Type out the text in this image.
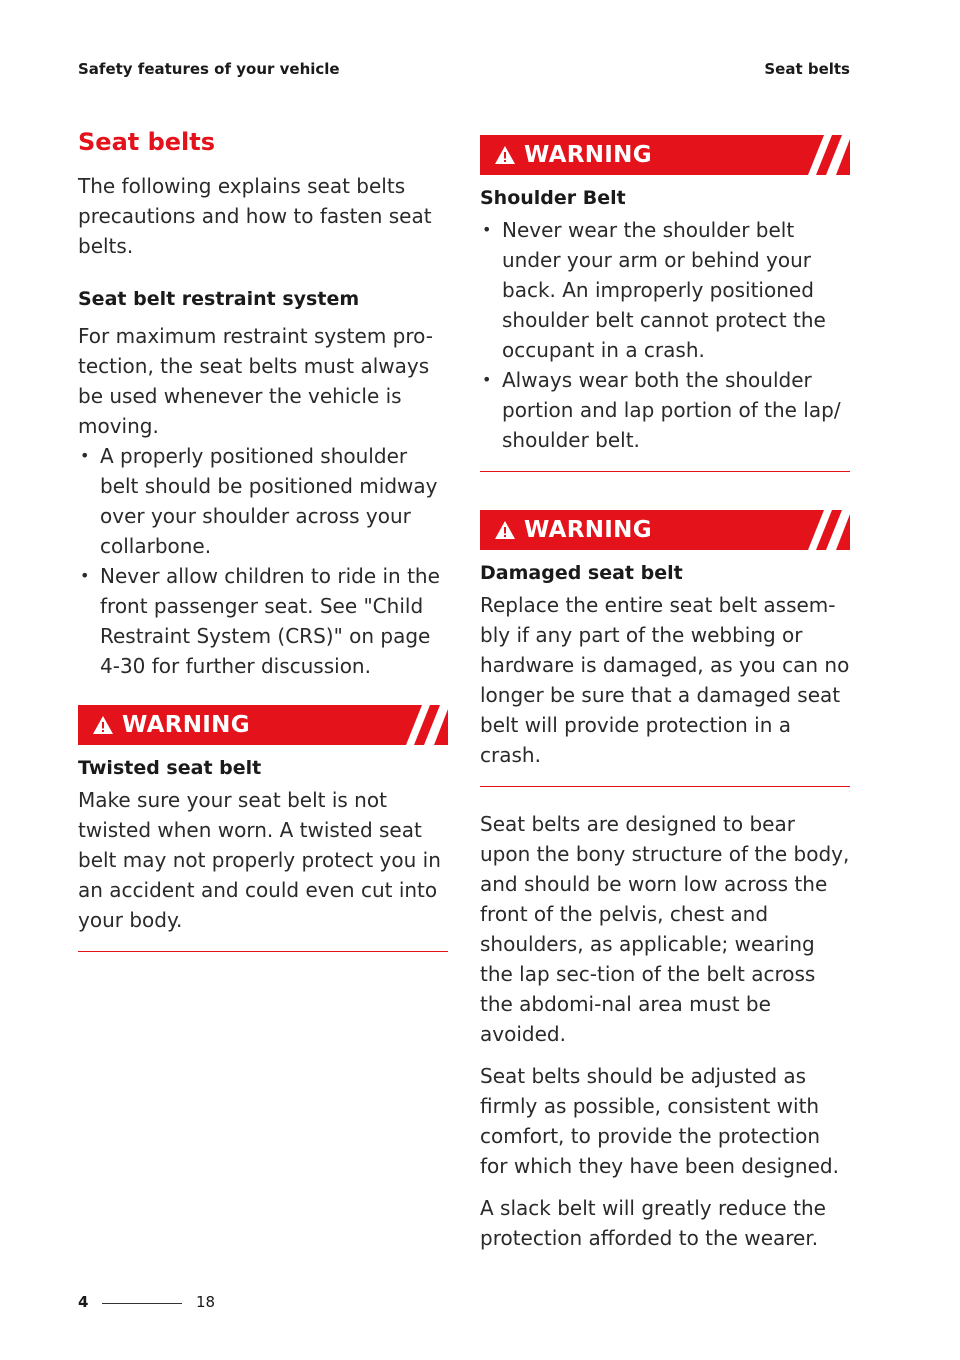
Safety features of your vehicle	Seat belts
Seat belts

The following explains seat belts precautions and how to fasten seat belts.

Seat belt restraint system

For maximum restraint system pro-tection, the seat belts must always be used whenever the vehicle is moving.

• A properly positioned shoulder belt should be positioned midway over your shoulder across your collarbone.
• Never allow children to ride in the front passenger seat. See "Child Restraint System (CRS)" on page 4-30 for further discussion.
WARNING
Twisted seat belt

Make sure your seat belt is not twisted when worn. A twisted seat belt may not properly protect you in an accident and could even cut into your body.

WARNING
Shoulder Belt
• Never wear the shoulder belt under your arm or behind your back. An improperly positioned shoulder belt cannot protect the occupant in a crash.
• Always wear both the shoulder portion and lap portion of the lap/ shoulder belt.
WARNING
Damaged seat belt

Replace the entire seat belt assem-bly if any part of the webbing or hardware is damaged, as you can no longer be sure that a damaged seat belt will provide protection in a crash.

Seat belts are designed to bear upon the bony structure of the body, and should be worn low across the front of the pelvis, chest and shoulders, as applicable; wearing the lap sec-tion of the belt across the abdomi-nal area must be avoided.

Seat belts should be adjusted as firmly as possible, consistent with comfort, to provide the protection for which they have been designed.

A slack belt will greatly reduce the protection afforded to the wearer.

4	18
